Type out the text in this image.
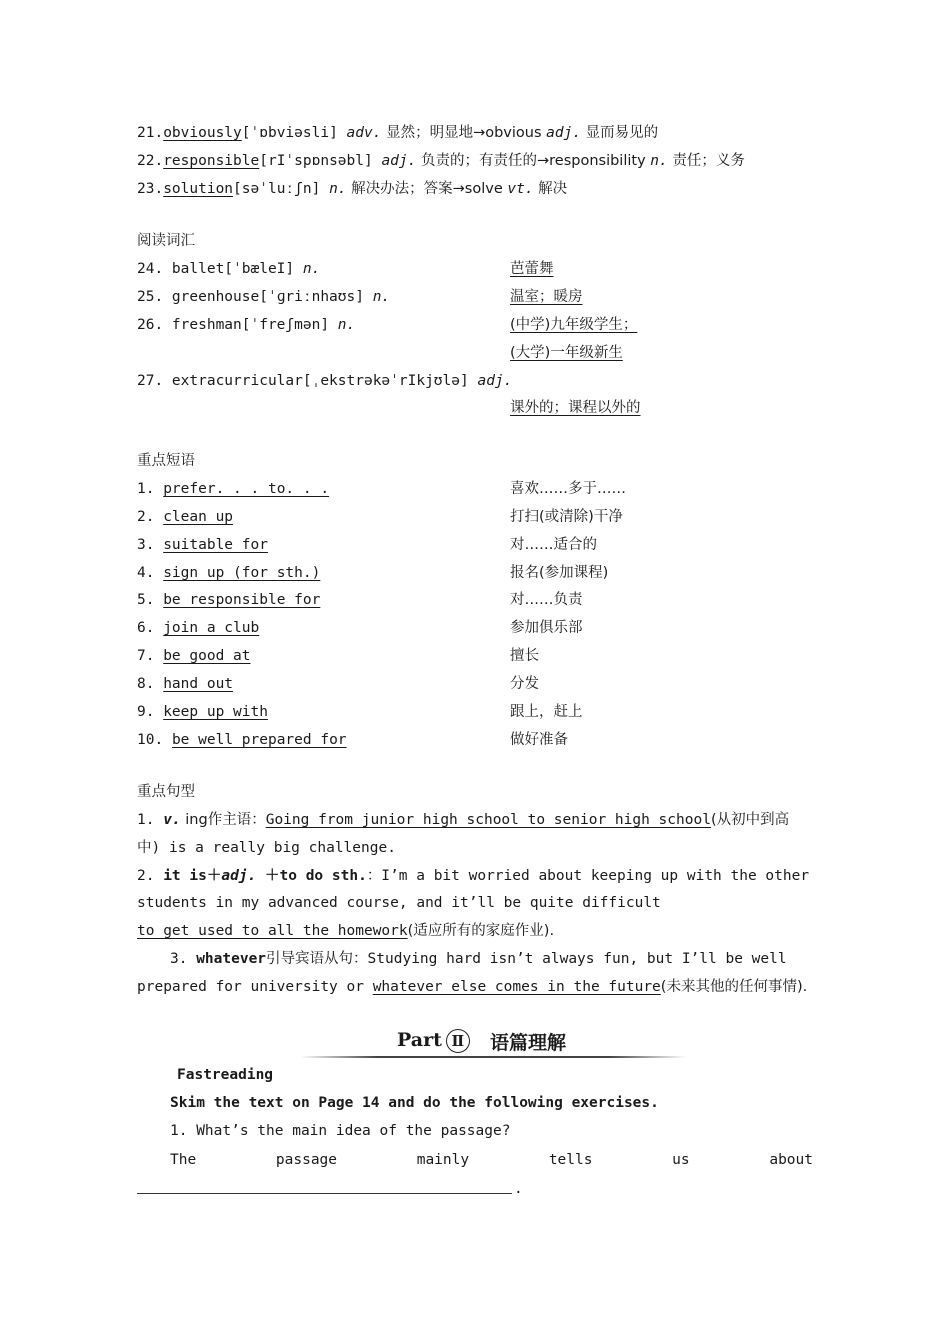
21.obviously[ˈɒbviəsli] adv. 显然；明显地→obvious adj. 显而易见的
22.responsible[rIˈspɒnsəbl] adj. 负责的；有责任的→responsibility n. 责任；义务
23.solution[səˈluːʃn] n. 解决办法；答案→solve vt. 解决
阅读词汇
24. ballet[ˈbæleI] n.	芭蕾舞
25. greenhouse[ˈɡriːnhaʊs] n.	温室；暖房
26. freshman[ˈfreʃmən] n.	(中学)九年级学生；
(大学)一年级新生
27. extracurricular[ˌekstrəkəˈrIkjʊlə] adj.
课外的；课程以外的
重点短语
1. prefer. . . to. . .	喜欢……多于……
2. clean up	打扫(或清除)干净
3. suitable for	对……适合的
4. sign up (for sth.)	报名(参加课程)
5. be responsible for	对……负责
6. join a club	参加俱乐部
7. be good at	擅长
8. hand out	分发
9. keep up with	跟上，赶上
10. be well prepared for	做好准备
重点句型
1. v. ing作主语：Going from junior high school to senior high school(从初中到高
中) is a really big challenge.
2. it is＋adj. ＋to do sth.：I’m a bit worried about keeping up with the other
students in my advanced course, and it’ll be quite difficult
to get used to all the homework(适应所有的家庭作业).
3. whatever引导宾语从句：Studying hard isn’t always fun, but I’ll be well
prepared for university or whatever else comes in the future(未来其他的任何事情).
Part Ⅱ 语篇理解
Fastreading
Skim the text on Page 14 and do the following exercises.
1. What’s the main idea of the passage?
The	passage	mainly	tells	us	about
.
